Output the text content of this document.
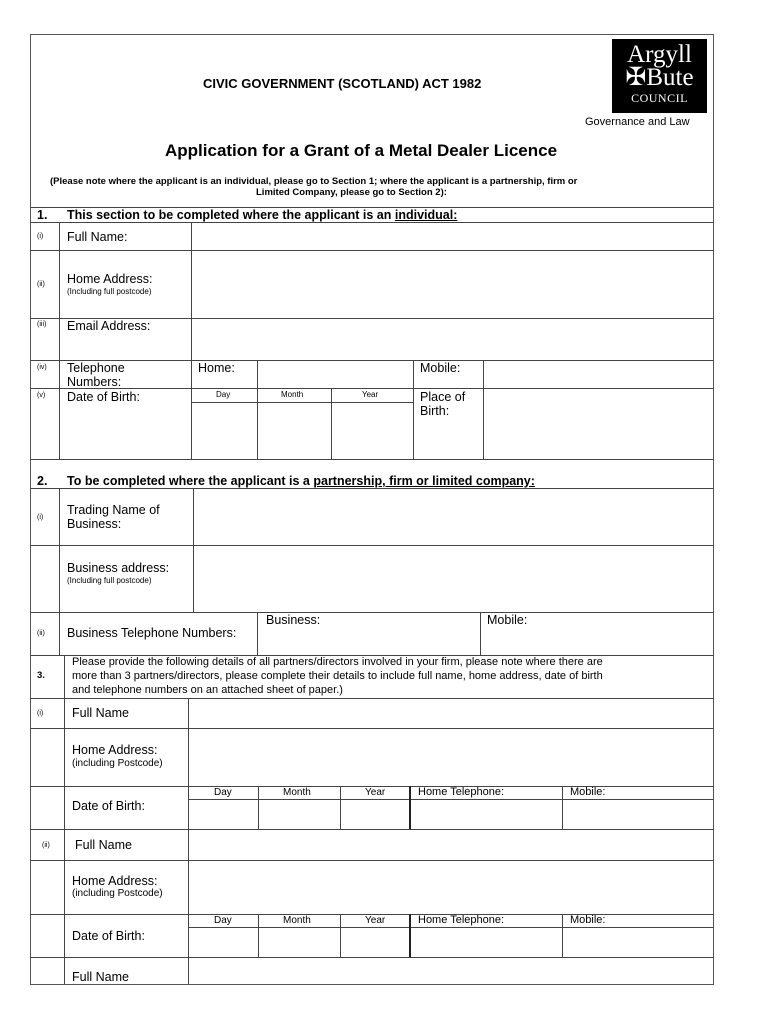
CIVIC GOVERNMENT (SCOTLAND) ACT 1982
Argyll
✠Bute
COUNCIL
Governance and Law
Application for a Grant of a Metal Dealer Licence
(Please note where the applicant is an individual, please go to Section 1; where the applicant is a partnership, firm or
Limited Company, please go to Section 2):
1. This section to be completed where the applicant is an individual:
(i) Full Name:
(ii) Home Address:
(Including full postcode)
(iii) Email Address:
(iv) Telephone
Numbers:
Home:	Mobile:
(v) Date of Birth:	Day	Month	Year	Place of
Birth:
2. To be completed where the applicant is a partnership, firm or limited company:
(i)
Trading Name of
Business:
Business address:
(Including full postcode)
(ii) Business Telephone Numbers:
Business:	Mobile:
3.
Please provide the following details of all partners/directors involved in your firm, please note where there are
more than 3 partners/directors, please complete their details to include full name, home address, date of birth
and telephone numbers on an attached sheet of paper.)
(i) Full Name
Home Address:
(including Postcode)
Date of Birth:
Day	Month	Year	Home Telephone:	Mobile:
(ii) Full Name
Home Address:
(including Postcode)
Date of Birth:
Day	Month	Year	Home Telephone:	Mobile:
Full Name
